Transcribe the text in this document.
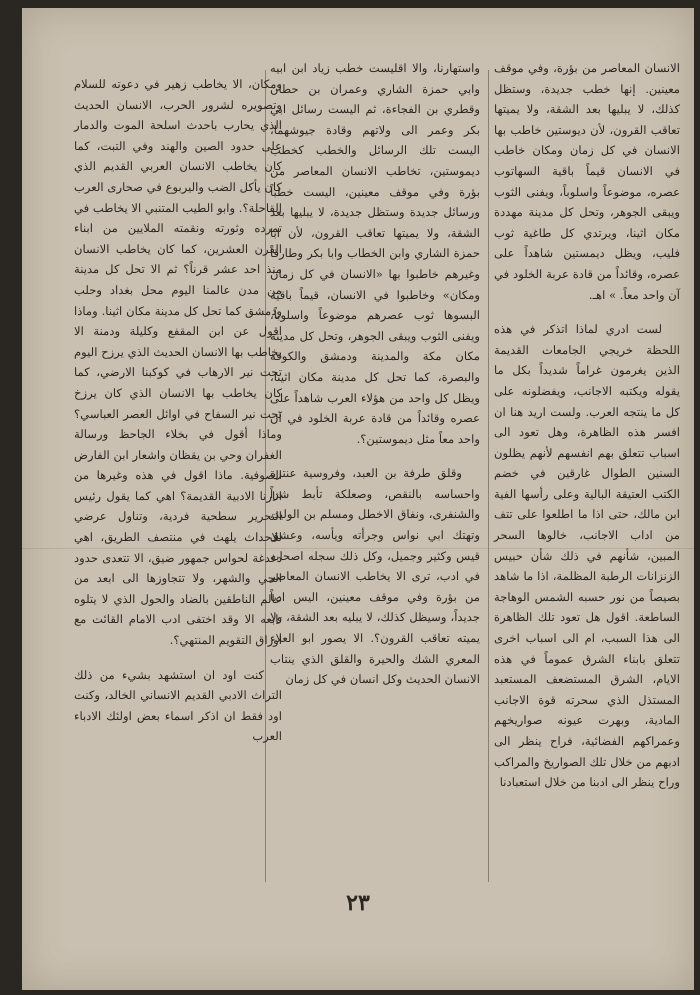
الانسان المعاصر من بؤرة، وفي موقف معينين. إنها خطب جديدة، وستظل كذلك، لا يبليها بعد الشقة، ولا يميتها تعاقب القرون، لأن ديوستين خاطب بها الانسان في كل زمان ومكان خاطب في الانسان قيماً باقية السهاتوب عصره، موضوعاً واسلوباً، ويفنى الثوب ويبقى الجوهر، وتحل كل مدينة مهددة مكان اثينا، ويرتدي كل طاغية ثوب فليب، ويظل ديمستين شاهداً على عصره، وقائداً من قادة عربة الخلود في آن واحد معاً. » اهـ.

لست ادري لماذا اتذكر في هذه اللحظة خريجي الجامعات القديمة الذين يغرمون غراماً شديداً بكل ما يقوله ويكتبه الاجانب، ويفضلونه على كل ما ينتجه العرب. ولست اريد هنا ان افسر هذه الظاهرة، وهل تعود الى اسباب تتعلق بهم انفسهم لأنهم يظلون السنين الطوال غارقين في خضم الكتب العتيقة البالية وعلى رأسها الفية ابن مالك، حتى اذا ما اطلعوا على تتف من اداب الاجانب، خالوها السحر المبين، شأنهم في ذلك شأن حبيس الزنزانات الرطبة المظلمة، اذا ما شاهد بصيصاً من نور حسبه الشمس الوهاجة الساطعة. اقول هل تعود تلك الظاهرة الى هذا السبب، ام الى اسباب اخرى تتعلق بابناء الشرق عموماً في هذه الايام، الشرق المستضعف المستعبد المستذل الذي سحرته قوة الاجانب المادية، وبهرت عيونه صواريخهم وعمراكهم الفضائية، فراح ينظر الى ادبهم من خلال تلك الصواريخ والمراكب وراح ينظر الى ادبنا من خلال استعبادنا

واستهارنا، والا اقليست خطب زياد ابن ابيه وابي حمزة الشاري وعمران بن حطان وقطري بن الفجاءة، ثم اليست رسائل ابي بكر وعمر الى ولاتهم وقادة جيوشهما، اليست تلك الرسائل والخطب كخطب ديموستين، تخاطب الانسان المعاصر من بؤرة وفي موقف معينين، اليست خطباً ورسائل جديدة وستظل جديدة، لا يبليها بعد الشقة، ولا يميتها تعاقب القرون، لأن ابا حمزة الشاري وابن الخطاب وابا بكر وطارقاً وغيرهم خاطبوا بها «الانسان في كل زمان ومكان» وخاطبوا في الانسان، قيماً باقية البسوها ثوب عصرهم موضوعاً واسلوباً، ويفنى الثوب ويبقى الجوهر، وتحل كل مدينة مكان مكة والمدينة ودمشق والكوفة والبصرة، كما تحل كل مدينة مكان اثينا، ويظل كل واحد من هؤلاء العرب شاهداً على عصره وقائداً من قادة عربة الخلود في آن واحد معاً مثل ديموستين؟.

وقلق طرفة بن العبد، وفروسية عنترة واحساسه بالنقص، وصعلكة تأبط شراً والشنفرى، ونفاق الاخطل ومسلم بن الوليد، وتهتك ابي نواس وجرأته ويأسه، وعشق قيس وكثير وجميل، وكل ذلك سجله اصحابه في ادب، ترى الا يخاطب الانسان المعاصر من بؤرة وفي موقف معينين، اليس ادباً جديداً، وسيظل كذلك، لا يبليه بعد الشقة، ولا يميته تعاقب القرون؟. الا يصور ابو العلاء المعري الشك والحيرة والقلق الذي ينتاب الانسان الحديث وكل انسان في كل زمان

ومكان، الا يخاطب زهير في دعوته للسلام وتصويره لشرور الحرب، الانسان الحديث الذي يحارب باحدث اسلحة الموت والدمار على حدود الصين والهند وفي التبت، كما كان يخاطب الانسان العربي القديم الذي كان يأكل الضب واليربوع في صحارى العرب القاحلة؟. وابو الطيب المتنبي الا يخاطب في تمرده وثورته ونقمته الملايين من ابناء القرن العشرين، كما كان يخاطب الانسان منذ احد عشر قرناً؟ ثم الا تحل كل مدينة من مدن عالمنا اليوم محل بغداد وحلب ودمشق كما تحل كل مدينة مكان اثينا. وماذا اقول عن ابن المقفع وكليلة ودمنة الا يخاطب بها الانسان الحديث الذي يرزح اليوم تحت نير الارهاب في كوكبنا الارضي، كما كان يخاطب بها الانسان الذي كان يرزخ تحت نير السفاح في اوائل العصر العباسي؟ وماذا أقول في بخلاء الجاحظ ورسالة الغفران وحي بن يقظان واشعار ابن الفارض الصوفية. ماذا اقول في هذه وغيرها من اثارنا الادبية القديمة؟ اهي كما يقول رئيس التحرير سطحية فردية، وتناول عرضي للاحداث يلهث في منتصف الطريق، اهي دغدغة لحواس جمهور ضيق، الا تتعدى حدود الحي والشهر، ولا تتجاوزها الى ابعد من عالم الناطقين بالضاد والحول الذي لا يتلوه تابعه الا وقد اختفى ادب الامام القائت مع اوراق التقويم المنتهي؟.

كنت اود ان استشهد بشيء من ذلك التراث الادبي القديم الانساني الخالد، وكنت اود فقط ان اذكر اسماء بعض اولئك الادباء العرب

٢٣
